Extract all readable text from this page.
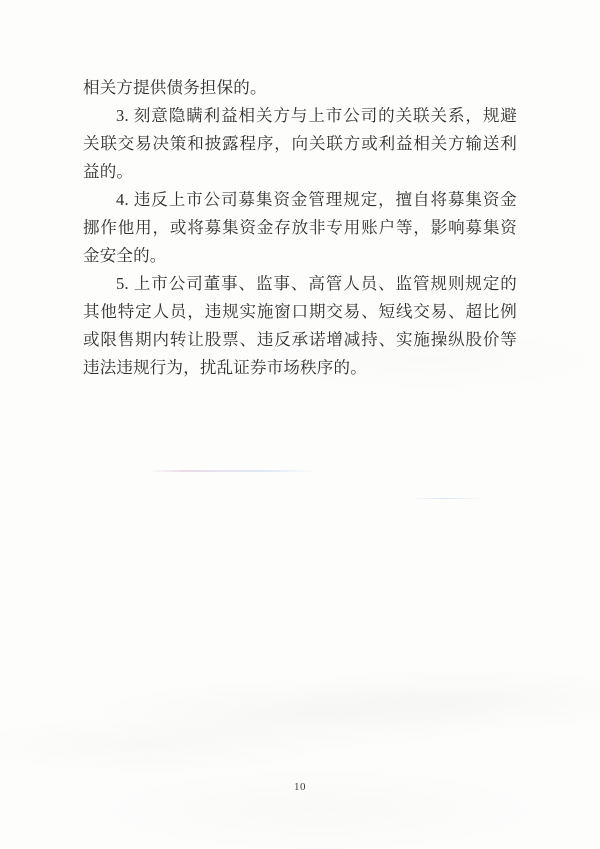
相关方提供债务担保的。

3. 刻意隐瞒利益相关方与上市公司的关联关系，规避关联交易决策和披露程序，向关联方或利益相关方输送利益的。

4. 违反上市公司募集资金管理规定，擅自将募集资金挪作他用，或将募集资金存放非专用账户等，影响募集资金安全的。

5. 上市公司董事、监事、高管人员、监管规则规定的其他特定人员，违规实施窗口期交易、短线交易、超比例或限售期内转让股票、违反承诺增减持、实施操纵股价等违法违规行为，扰乱证券市场秩序的。

10
